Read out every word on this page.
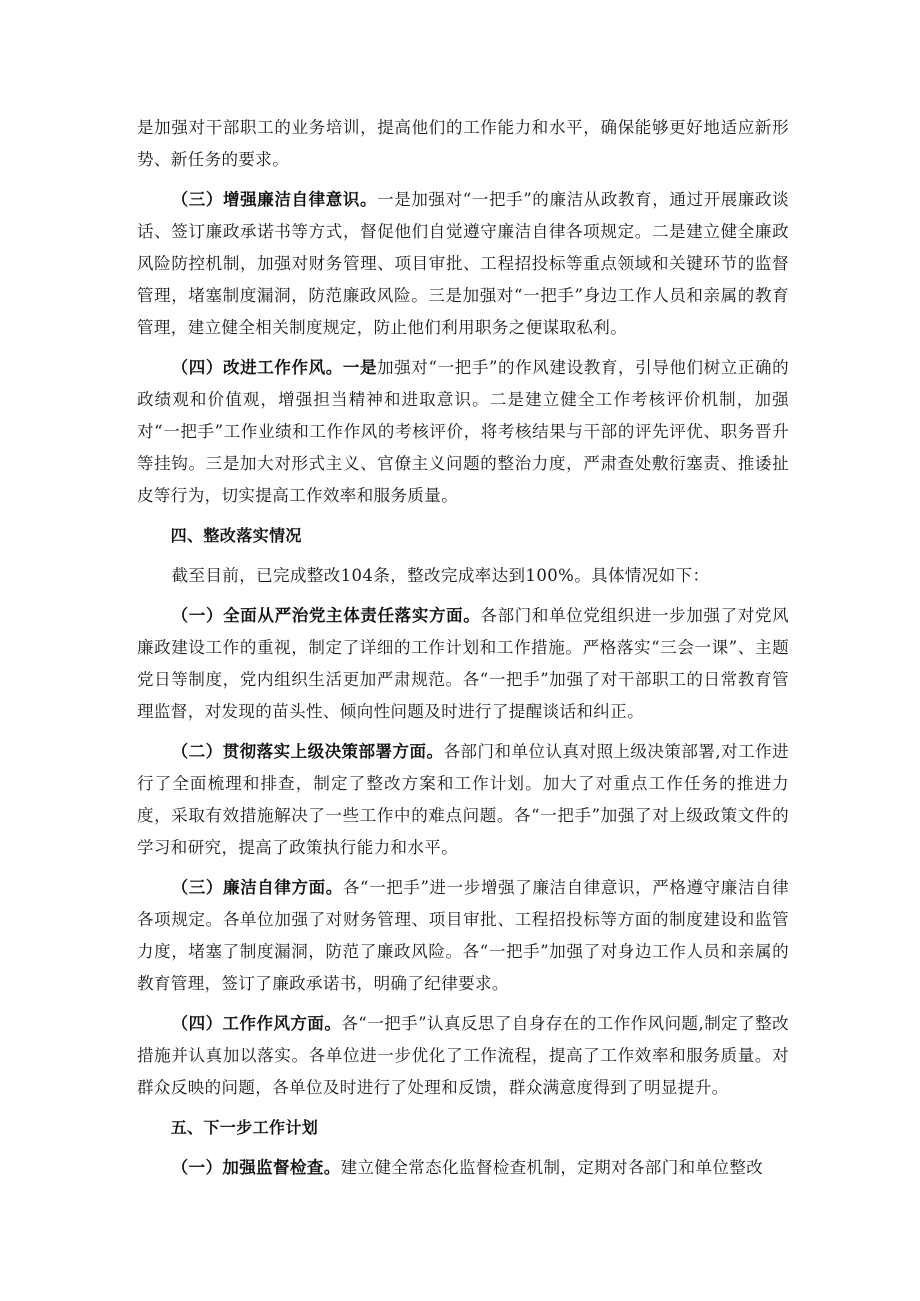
是加强对干部职工的业务培训，提高他们的工作能力和水平，确保能够更好地适应新形势、新任务的要求。

（三）增强廉洁自律意识。一是加强对“一把手”的廉洁从政教育，通过开展廉政谈话、签订廉政承诺书等方式，督促他们自觉遵守廉洁自律各项规定。二是建立健全廉政风险防控机制，加强对财务管理、项目审批、工程招投标等重点领域和关键环节的监督管理，堵塞制度漏洞，防范廉政风险。三是加强对“一把手”身边工作人员和亲属的教育管理，建立健全相关制度规定，防止他们利用职务之便谋取私利。

（四）改进工作作风。一是加强对“一把手”的作风建设教育，引导他们树立正确的政绩观和价值观，增强担当精神和进取意识。二是建立健全工作考核评价机制，加强对“一把手”工作业绩和工作作风的考核评价，将考核结果与干部的评先评优、职务晋升等挂钩。三是加大对形式主义、官僚主义问题的整治力度，严肃查处敷衍塞责、推诿扯皮等行为，切实提高工作效率和服务质量。

四、整改落实情况

截至目前，已完成整改104条，整改完成率达到100%。具体情况如下：

（一）全面从严治党主体责任落实方面。各部门和单位党组织进一步加强了对党风廉政建设工作的重视，制定了详细的工作计划和工作措施。严格落实“三会一课”、主题党日等制度，党内组织生活更加严肃规范。各“一把手”加强了对干部职工的日常教育管理监督，对发现的苗头性、倾向性问题及时进行了提醒谈话和纠正。

（二）贯彻落实上级决策部署方面。各部门和单位认真对照上级决策部署,对工作进行了全面梳理和排查，制定了整改方案和工作计划。加大了对重点工作任务的推进力度，采取有效措施解决了一些工作中的难点问题。各“一把手”加强了对上级政策文件的学习和研究，提高了政策执行能力和水平。

（三）廉洁自律方面。各“一把手”进一步增强了廉洁自律意识，严格遵守廉洁自律各项规定。各单位加强了对财务管理、项目审批、工程招投标等方面的制度建设和监管力度，堵塞了制度漏洞，防范了廉政风险。各“一把手”加强了对身边工作人员和亲属的教育管理，签订了廉政承诺书，明确了纪律要求。

（四）工作作风方面。各“一把手”认真反思了自身存在的工作作风问题,制定了整改措施并认真加以落实。各单位进一步优化了工作流程，提高了工作效率和服务质量。对群众反映的问题，各单位及时进行了处理和反馈，群众满意度得到了明显提升。

五、下一步工作计划

（一）加强监督检查。建立健全常态化监督检查机制，定期对各部门和单位整改
